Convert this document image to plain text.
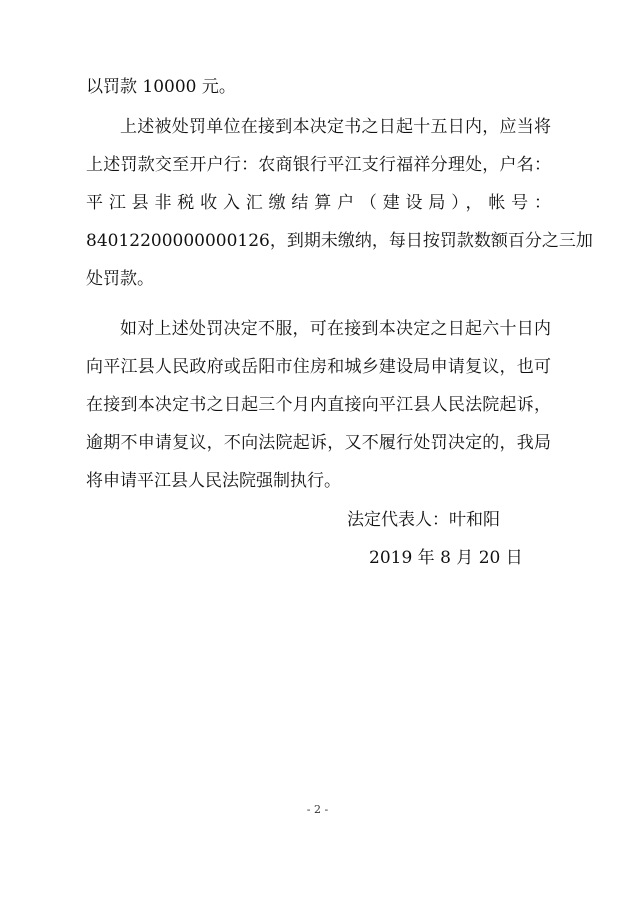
以罚款 10000 元。
上述被处罚单位在接到本决定书之日起十五日内，应当将
上述罚款交至开户行：农商银行平江支行福祥分理处，户名：
平江县非税收入汇缴结算户（建设局），帐号：
84012200000000126，到期未缴纳，每日按罚款数额百分之三加
处罚款。
如对上述处罚决定不服，可在接到本决定之日起六十日内
向平江县人民政府或岳阳市住房和城乡建设局申请复议，也可
在接到本决定书之日起三个月内直接向平江县人民法院起诉，
逾期不申请复议，不向法院起诉，又不履行处罚决定的，我局
将申请平江县人民法院强制执行。
法定代表人：叶和阳
2019 年 8 月 20 日
- 2 -
